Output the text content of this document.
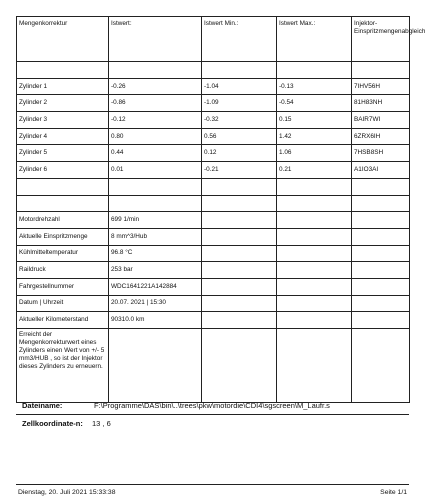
Mengenkorrektur	Istwert:	Istwert Min.:	Istwert Max.:	Injektor-Einspritzmengenabgleich

Zylinder 1	-0.26	-1.04	-0.13	7IHV56H
Zylinder 2	-0.86	-1.09	-0.54	81H83NH
Zylinder 3	-0.12	-0.32	0.15	BAIR7WI
Zylinder 4	0.80	0.56	1.42	6ZRX6IH
Zylinder 5	0.44	0.12	1.06	7HSB8SH
Zylinder 6	0.01	-0.21	0.21	A1IO3AI

Motordrehzahl	699 1/min			
Aktuelle Einspritzmenge	8 mm^3/Hub			
Kühlmitteltemperatur	96.8 °C			
Raildruck	253 bar			
Fahrgestellnummer	WDC1641221A142884			
Datum | Uhrzeit	20.07. 2021 | 15:30			
Aktueller Kilometerstand	90310.0 km			
Erreicht der Mengenkorrekturwert eines Zylinders einen Wert von +/- 5 mm3/HUB , so ist der Injektor dieses Zylinders zu erneuern.				
Dateiname:	F:\Programme\DAS\bin\..\trees\pkw\motordie\CDI4\sgscreen\M_Laufr.s
Zellkoordinate-n: 13 , 6
Dienstag, 20. Juli 2021 15:33:38	Seite 1/1
